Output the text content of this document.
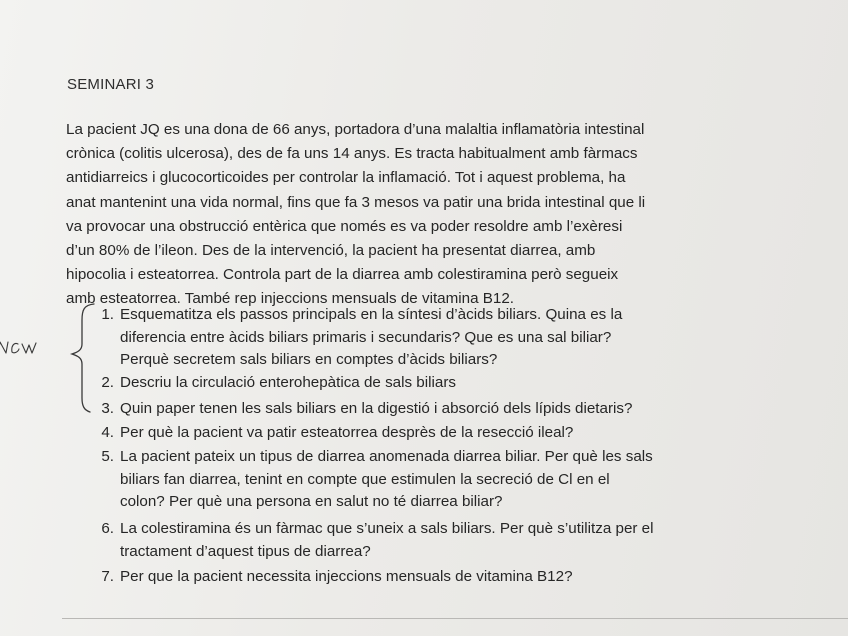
SEMINARI 3
La pacient JQ es una dona de 66 anys, portadora d’una malaltia inflamatòria intestinal
crònica (colitis ulcerosa), des de fa uns 14 anys. Es tracta habitualment amb fàrmacs
antidiarreics i glucocorticoides per controlar la inflamació. Tot i aquest problema, ha
anat mantenint una vida normal, fins que fa 3 mesos va patir una brida intestinal que li
va provocar una obstrucció entèrica que només es va poder resoldre amb l’exèresi
d’un 80% de l’ileon. Des de la intervenció, la pacient ha presentat diarrea, amb
hipocolia i esteatorrea. Controla part de la diarrea amb colestiramina però segueix
amb esteatorrea. També rep injeccions mensuals de vitamina B12.
1. Esquematitza els passos principals en la síntesi d’àcids biliars. Quina es la
diferencia entre àcids biliars primaris i secundaris? Que es una sal biliar?
Perquè secretem sals biliars en comptes d’àcids biliars?
2. Descriu la circulació enterohepàtica de sals biliars
3. Quin paper tenen les sals biliars en la digestió i absorció dels lípids dietaris?
4. Per què la pacient va patir esteatorrea desprès de la resecció ileal?
5. La pacient pateix un tipus de diarrea anomenada diarrea biliar. Per què les sals
biliars fan diarrea, tenint en compte que estimulen la secreció de Cl en el
colon? Per què una persona en salut no té diarrea biliar?
6. La colestiramina és un fàrmac que s’uneix a sals biliars. Per què s’utilitza per el
tractament d’aquest tipus de diarrea?
7. Per que la pacient necessita injeccions mensuals de vitamina B12?
